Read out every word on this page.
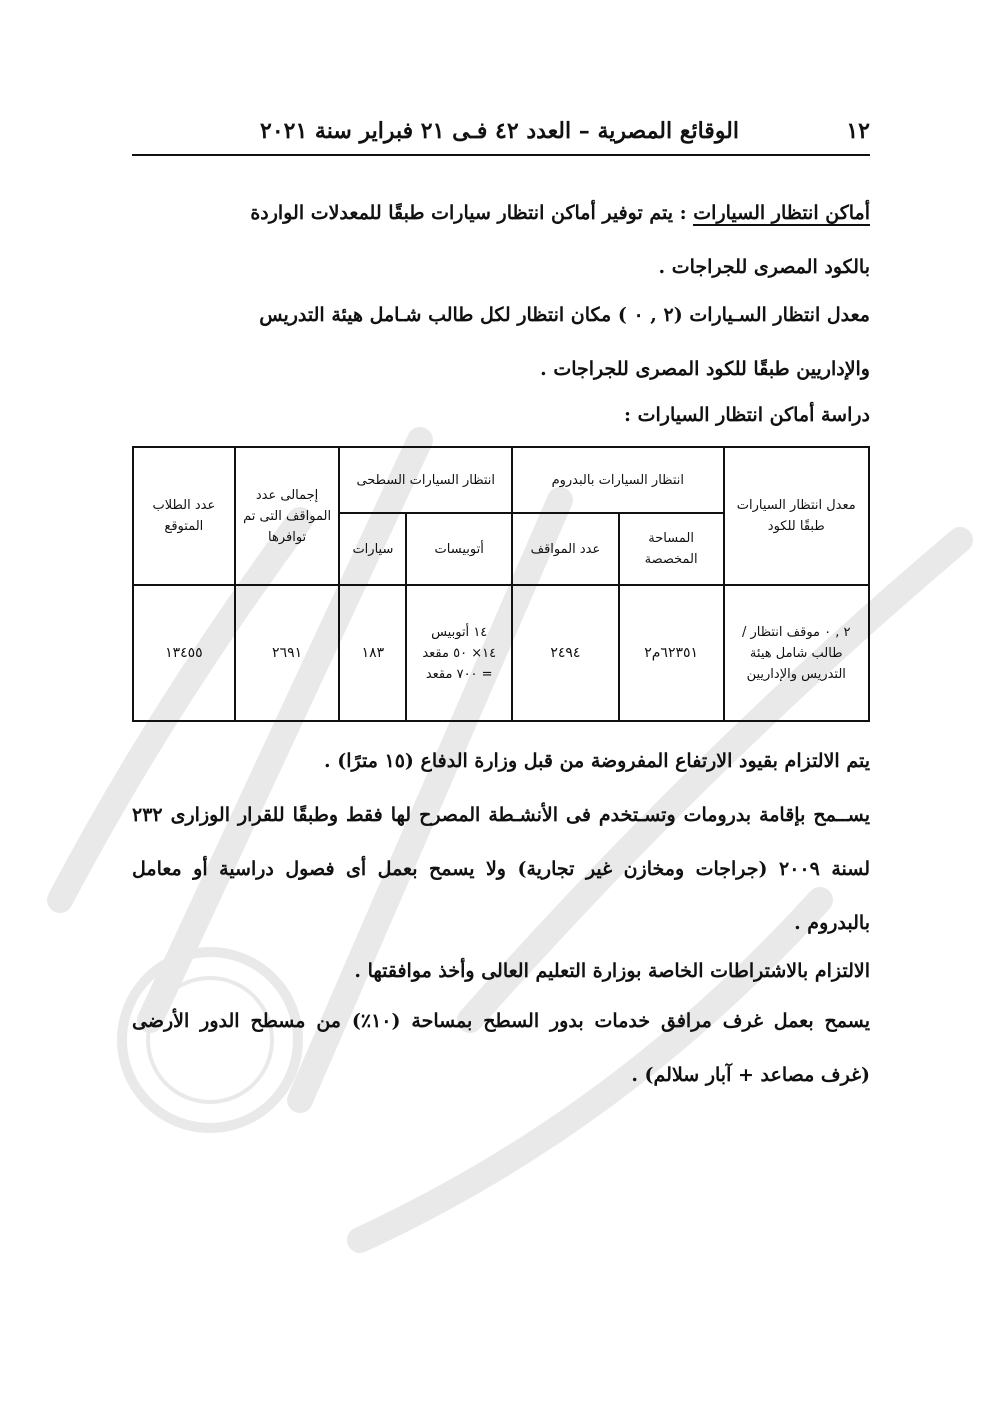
١٢
الوقائع المصرية – العدد ٤٢ فـى ٢١ فبراير سنة ٢٠٢١
أماكن انتظار السيارات : يتم توفير أماكن انتظار سيارات طبقًا للمعدلات الواردة
بالكود المصرى للجراجات .
معدل انتظار السـيارات (٢ , ٠ ) مكان انتظار لكل طالب شـامل هيئة التدريس
والإداريين طبقًا للكود المصرى للجراجات .
دراسة أماكن انتظار السيارات :
معدل انتظار السيارات طبقًا للكود	انتظار السيارات بالبدروم		انتظار السيارات السطحى		إجمالى عدد المواقف التى تم توافرها	عدد الطلاب المتوقع
	المساحة المخصصة	عدد المواقف	أتوبيسات	سيارات		
٢ , ٠ موقف انتظار / طالب شامل هيئة التدريس والإداريين	٦٢٣٥١م٢	٢٤٩٤	١٤ أتوبيس
١٤× ٥٠ مقعد
= ٧٠٠ مقعد	١٨٣	٢٦٩١	١٣٤٥٥
يتم الالتزام بقيود الارتفاع المفروضة من قبل وزارة الدفاع (١٥ مترًا) .
يســمح بإقامة بدرومات وتسـتخدم فى الأنشـطة المصرح لها فقط وطبقًا للقرار الوزارى ٢٣٢ لسنة ٢٠٠٩ (جراجات ومخازن غير تجارية) ولا يسمح بعمل أى فصول دراسية أو معامل بالبدروم .
الالتزام بالاشتراطات الخاصة بوزارة التعليم العالى وأخذ موافقتها .
يسمح بعمل غرف مرافق خدمات بدور السطح بمساحة (١٠٪) من مسطح الدور الأرضى (غرف مصاعد + آبار سلالم) .
